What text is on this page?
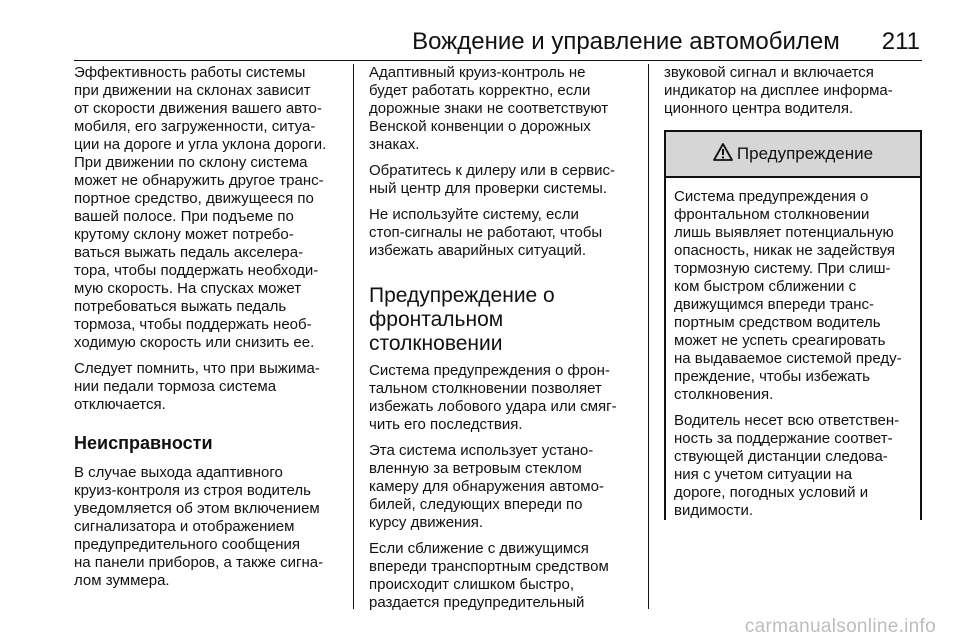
Вождение и управление автомобилем 211

Эффективность работы системы
при движении на склонах зависит
от скорости движения вашего авто-
мобиля, его загруженности, ситуа-
ции на дороге и угла уклона дороги.
При движении по склону система
может не обнаружить другое транс-
портное средство, движущееся по
вашей полосе. При подъеме по
крутому склону может потребо-
ваться выжать педаль акселера-
тора, чтобы поддержать необходи-
мую скорость. На спусках может
потребоваться выжать педаль
тормоза, чтобы поддержать необ-
ходимую скорость или снизить ее.

Следует помнить, что при выжима-
нии педали тормоза система
отключается.

Неисправности

В случае выхода адаптивного
круиз-контроля из строя водитель
уведомляется об этом включением
сигнализатора и отображением
предупредительного сообщения
на панели приборов, а также сигна-
лом зуммера.

Адаптивный круиз-контроль не
будет работать корректно, если
дорожные знаки не соответствуют
Венской конвенции о дорожных
знаках.

Обратитесь к дилеру или в сервис-
ный центр для проверки системы.

Не используйте систему, если
стоп-сигналы не работают, чтобы
избежать аварийных ситуаций.

Предупреждение о
фронтальном
столкновении

Система предупреждения о фрон-
тальном столкновении позволяет
избежать лобового удара или смяг-
чить его последствия.

Эта система использует устано-
вленную за ветровым стеклом
камеру для обнаружения автомо-
билей, следующих впереди по
курсу движения.

Если сближение с движущимся
впереди транспортным средством
происходит слишком быстро,
раздается предупредительный

звуковой сигнал и включается
индикатор на дисплее информа-
ционного центра водителя.

Предупреждение

Система предупреждения о
фронтальном столкновении
лишь выявляет потенциальную
опасность, никак не задействуя
тормозную систему. При слиш-
ком быстром сближении с
движущимся впереди транс-
портным средством водитель
может не успеть среагировать
на выдаваемое системой преду-
преждение, чтобы избежать
столкновения.

Водитель несет всю ответствен-
ность за поддержание соответ-
ствующей дистанции следова-
ния с учетом ситуации на
дороге, погодных условий и
видимости.

carmanualsonline.info
